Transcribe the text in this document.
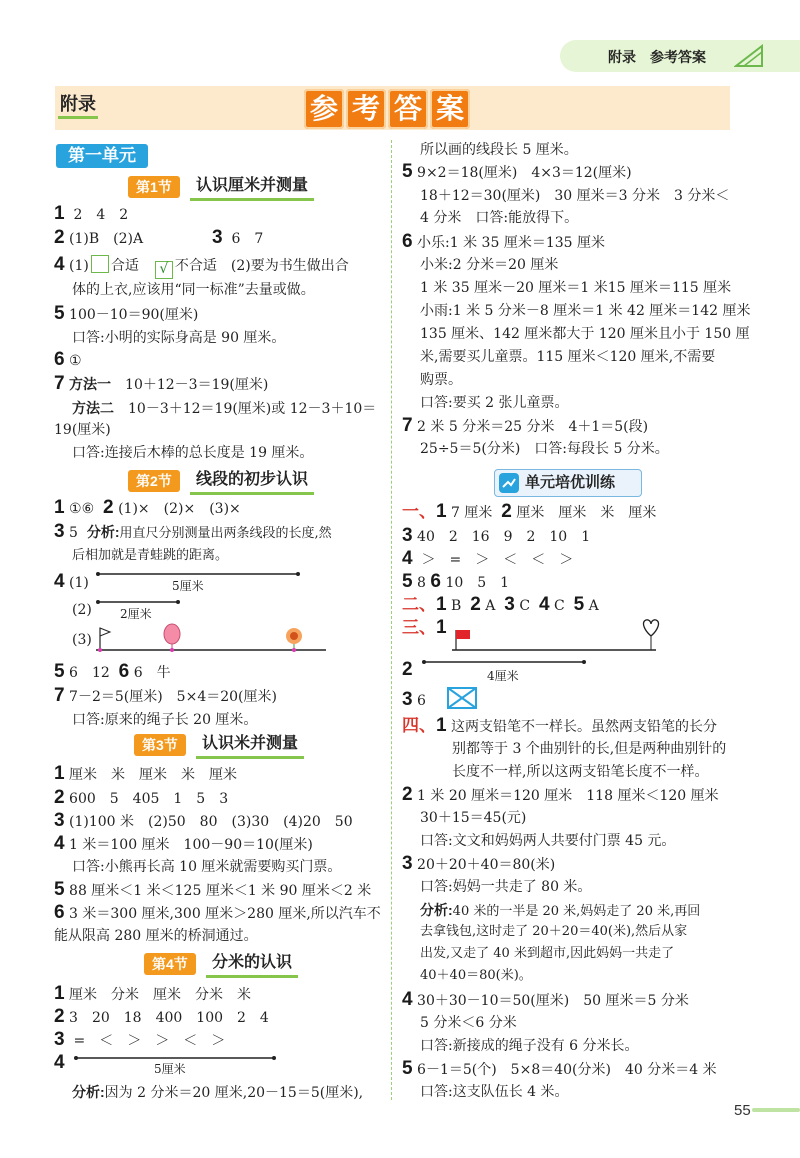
附录　 参考答案
附录	参 考 答 案
第一单元
第1节	认识厘米并测量
1 2　4　2
2 (1)B　(2)A	3 6　7
4 (1) 合适　 √ 不合适　(2)要为书生做出合
体的上衣,应该用“同一标准”去量或做。
5 100－10＝90(厘米)
口答:小明的实际身高是 90 厘米。
6 ①
7 方法一　 10＋12－3＝19(厘米)
方法二　 10－3＋12＝19(厘米)或 12－3＋10＝
19(厘米)
口答:连接后木棒的总长度是 19 厘米。
第2节	线段的初步认识
1 ①⑥ 2 (1)×　(2)×　(3)×
3 5 分析:用直尺分别测量出两条线段的长度,然
后相加就是青蛙跳的距离。
4 (1)	5厘米
(2) 2厘米
(3)
5 6　12 6 6　牛
7 7－2＝5(厘米)　5×4＝20(厘米)
口答:原来的绳子长 20 厘米。
第3节	认识米并测量
1 厘米　米　厘米　米　厘米
2 600　5　405　1　5　3
3 (1)100 米　(2)50　80　(3)30　(4)20　50
4 1 米＝100 厘米　100－90＝10(厘米)
口答:小熊再长高 10 厘米就需要购买门票。
5 88 厘米＜1 米＜125 厘米＜1 米 90 厘米＜2 米
6 3 米＝300 厘米,300 厘米＞280 厘米,所以汽车不
能从限高 280 厘米的桥洞通过。
第4节	分米的认识
1 厘米　分米　厘米　分米　米
2 3　20　18　400　100　2　4
3 =　＜　＞　＞　＜　＞
4	5厘米
分析:因为 2 分米＝20 厘米,20－15＝5(厘米),
所以画的线段长 5 厘米。
5 9×2＝18(厘米)　4×3＝12(厘米)
18＋12＝30(厘米)　30 厘米＝3 分米　3 分米＜
4 分米　口答:能放得下。
6 小乐:1 米 35 厘米＝135 厘米
小米:2 分米＝20 厘米
1 米 35 厘米－20 厘米＝1 米15 厘米＝115 厘米
小雨:1 米 5 分米－8 厘米＝1 米 42 厘米＝142 厘米
135 厘米、142 厘米都大于 120 厘米且小于 150 厘
米,需要买儿童票。115 厘米＜120 厘米,不需要
购票。
口答:要买 2 张儿童票。
7 2 米 5 分米＝25 分米　4＋1＝5(段)
25÷5＝5(分米)　口答:每段长 5 分米。
单元培优训练
一、1 7 厘米 2 厘米　厘米　米　厘米
3 40　2　16　9　2　10　1
4 ＞　=　＞　＜　＜　＞
5 8 6 10　5　1
二、1 B 2 A 3 C 4 C 5 A
三、1
2	4厘米
3 6
四、1 这两支铅笔不一样长。虽然两支铅笔的长分
别都等于 3 个曲别针的长,但是两种曲别针的
长度不一样,所以这两支铅笔长度不一样。
2 1 米 20 厘米＝120 厘米　118 厘米＜120 厘米
30＋15＝45(元)
口答:文文和妈妈两人共要付门票 45 元。
3 20＋20＋40＝80(米)
口答:妈妈一共走了 80 米。
分析:40 米的一半是 20 米,妈妈走了 20 米,再回
去拿钱包,这时走了 20＋20＝40(米),然后从家
出发,又走了 40 米到超市,因此妈妈一共走了
40＋40＝80(米)。
4 30＋30－10＝50(厘米)　50 厘米＝5 分米
5 分米＜6 分米
口答:新接成的绳子没有 6 分米长。
5 6－1＝5(个)　5×8＝40(分米)　40 分米＝4 米
口答:这支队伍长 4 米。
55
